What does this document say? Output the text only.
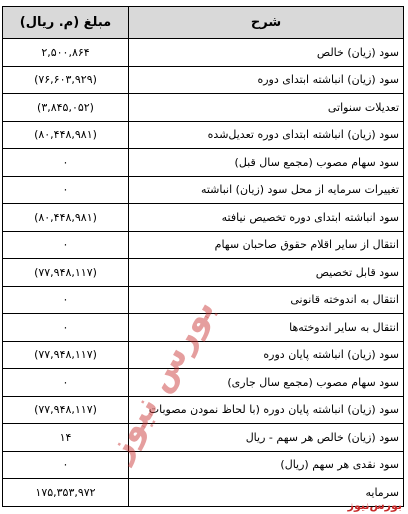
شرح	مبلغ (م. ریال)
سود (زیان) خالص	۲,۵۰۰,۸۶۴
سود (زیان) انباشته ابتدای دوره	(۷۶,۶۰۳,۹۲۹)
تعدیلات سنواتی	(۳,۸۴۵,۰۵۲)
سود (زیان) انباشته ابتدای دوره تعدیل‌شده	(۸۰,۴۴۸,۹۸۱)
سود سهام مصوب (مجمع سال قبل)	۰
تغییرات سرمایه از محل سود (زیان) انباشته	۰
سود انباشته ابتدای دوره تخصیص نیافته	(۸۰,۴۴۸,۹۸۱)
انتقال از سایر اقلام حقوق صاحبان سهام	۰
سود قابل تخصیص	(۷۷,۹۴۸,۱۱۷)
انتقال به اندوخته قانونی	۰
انتقال به سایر اندوخته‌ها	۰
سود (زیان) انباشته پایان دوره	(۷۷,۹۴۸,۱۱۷)
سود سهام مصوب (مجمع سال جاری)	۰
سود (زیان) انباشته پایان دوره (با لحاظ نمودن مصوبات	(۷۷,۹۴۸,۱۱۷)
سود (زیان) خالص هر سهم - ریال	۱۴
سود نقدی هر سهم (ریال)	۰
سرمایه	۱۷۵,۳۵۳,۹۷۲
بورس نیوز
بورس‌نیوز
